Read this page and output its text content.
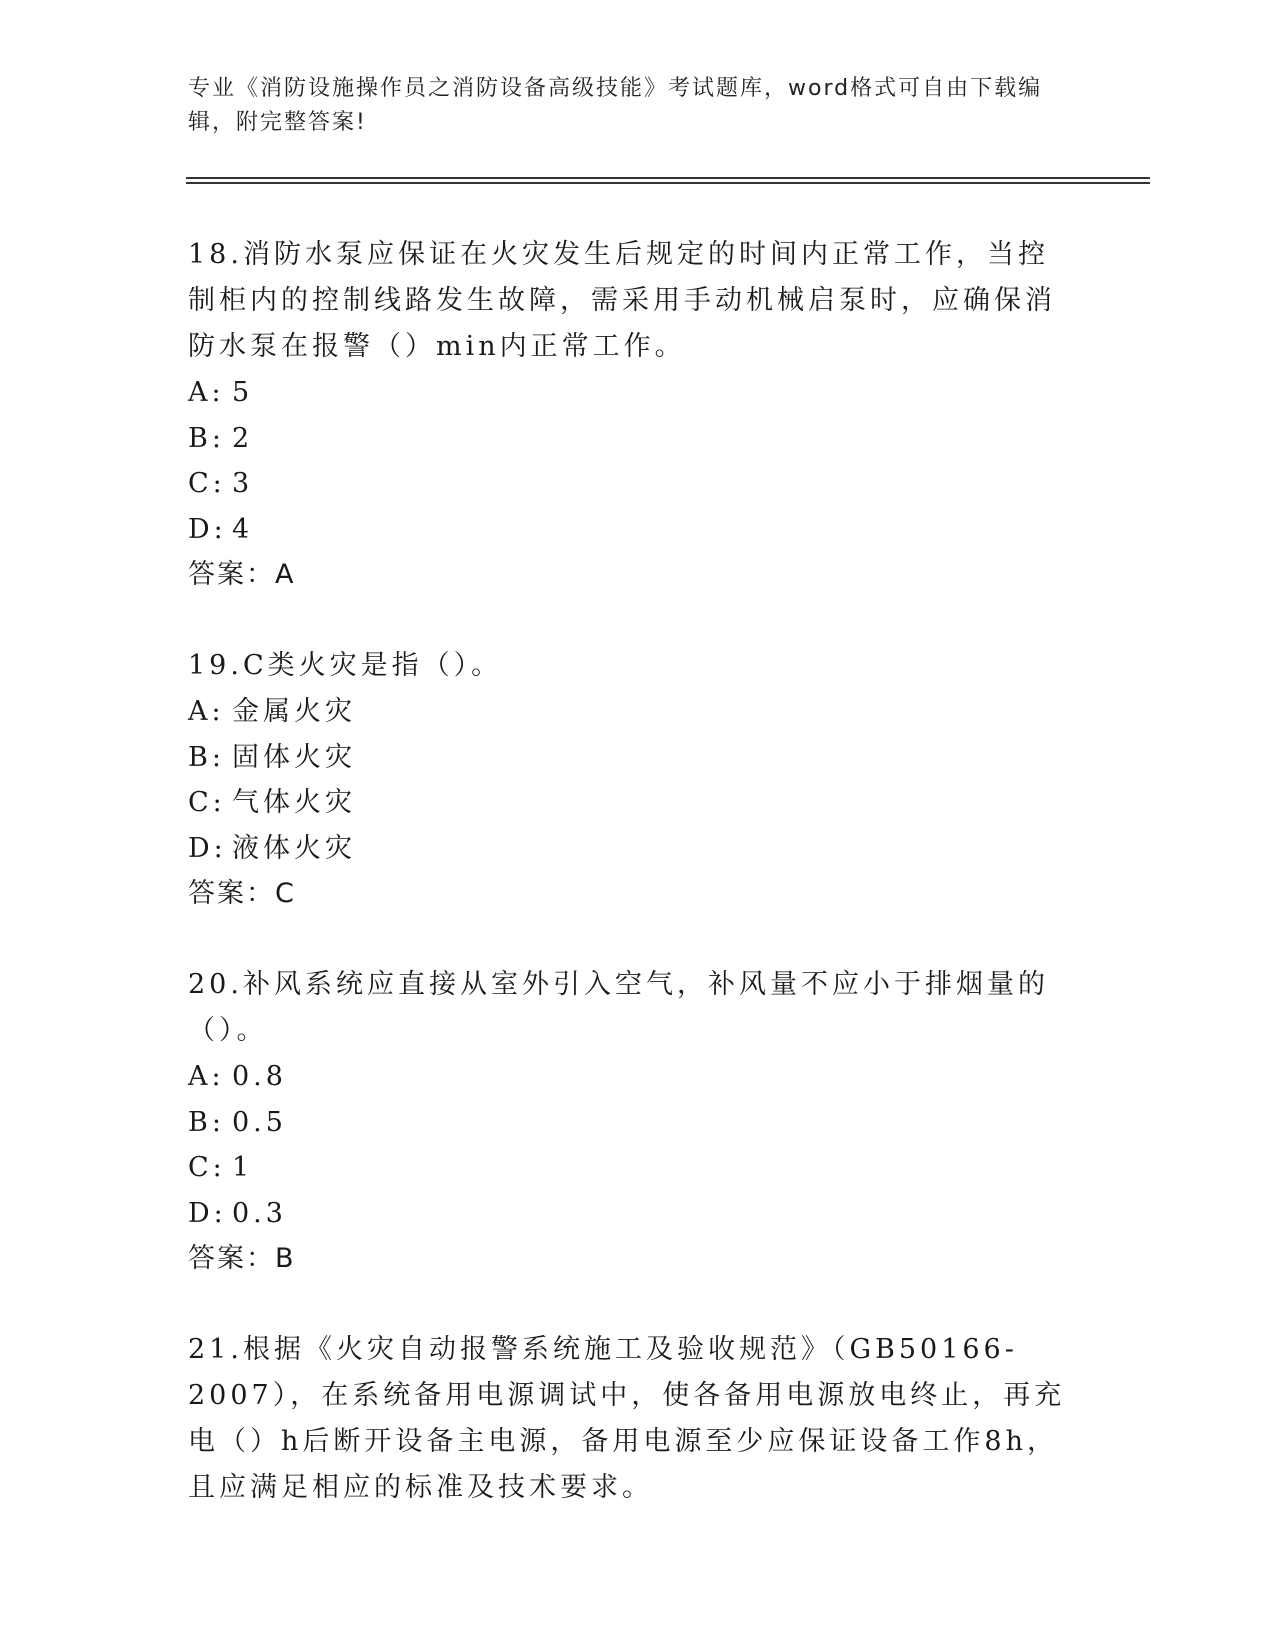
专业《消防设施操作员之消防设备高级技能》考试题库，word格式可自由下载编辑，附完整答案!

18.消防水泵应保证在火灾发生后规定的时间内正常工作，当控制柜内的控制线路发生故障，需采用手动机械启泵时，应确保消防水泵在报警（）min内正常工作。

A: 5

B: 2

C: 3

D: 4

答案：A

19.C类火灾是指（）。

A: 金属火灾

B: 固体火灾

C: 气体火灾

D: 液体火灾

答案：C

20.补风系统应直接从室外引入空气，补风量不应小于排烟量的（）。

A: 0.8

B: 0.5

C: 1

D: 0.3

答案：B

21.根据《火灾自动报警系统施工及验收规范》（GB50166-2007），在系统备用电源调试中，使各备用电源放电终止，再充电（）h后断开设备主电源，备用电源至少应保证设备工作8h，且应满足相应的标准及技术要求。
